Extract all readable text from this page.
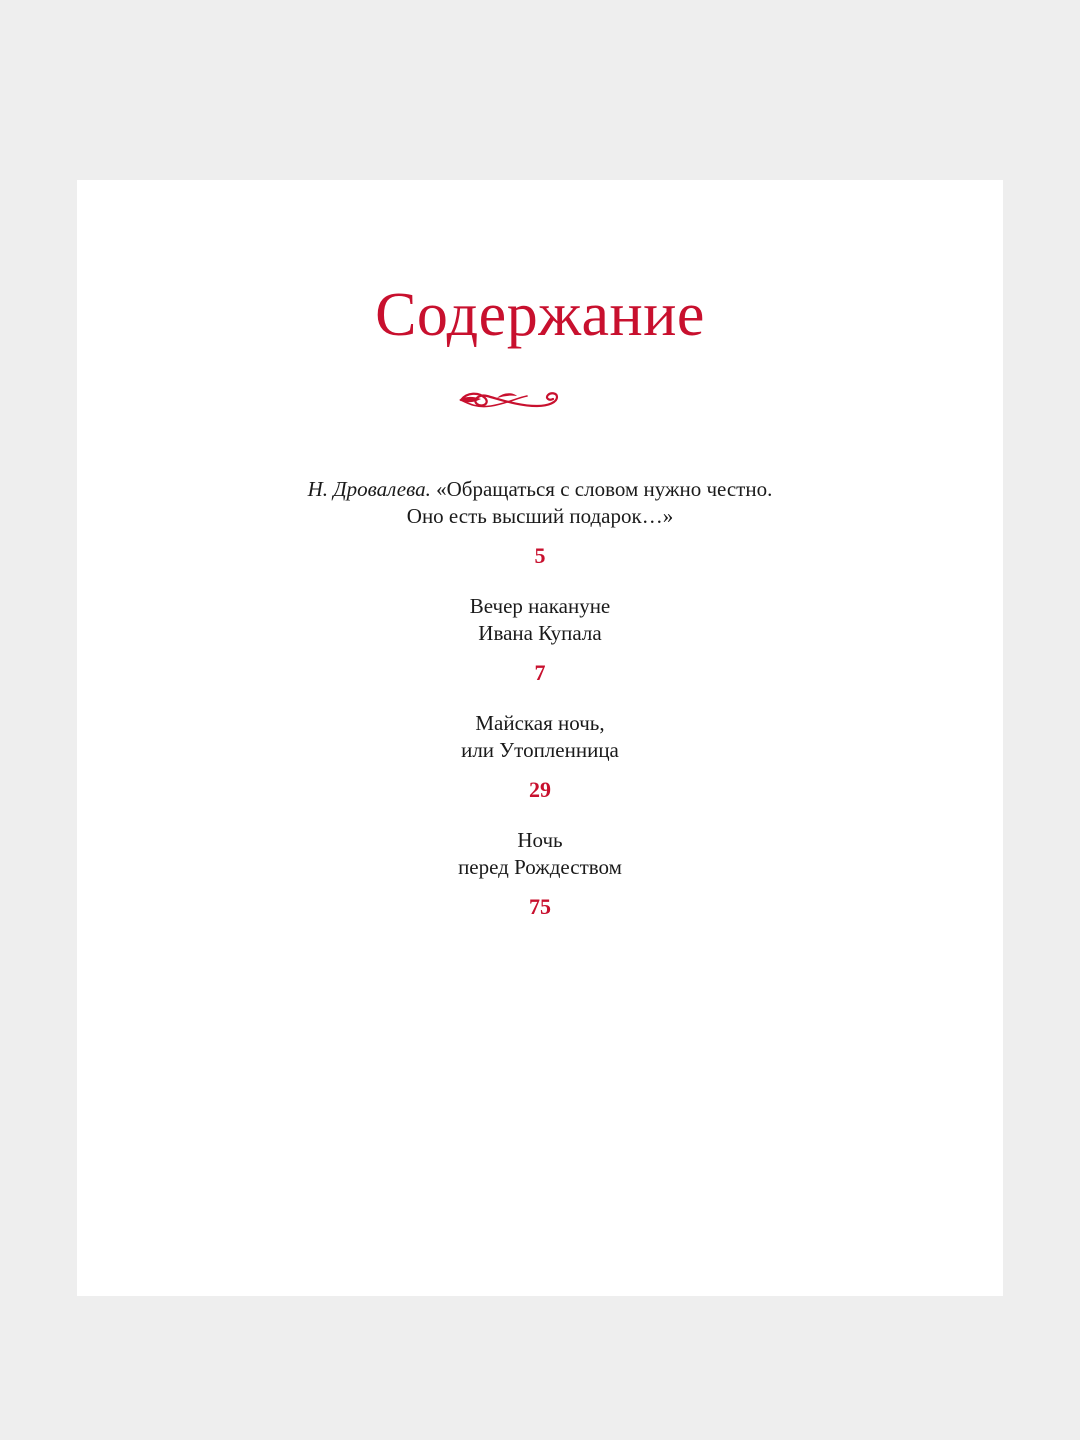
Содержание
Н. Дровалева. «Обращаться с словом нужно честно.
Оно есть высший подарок…»
5
Вечер накануне
Ивана Купала
7
Майская ночь,
или Утопленница
29
Ночь
перед Рождеством
75
